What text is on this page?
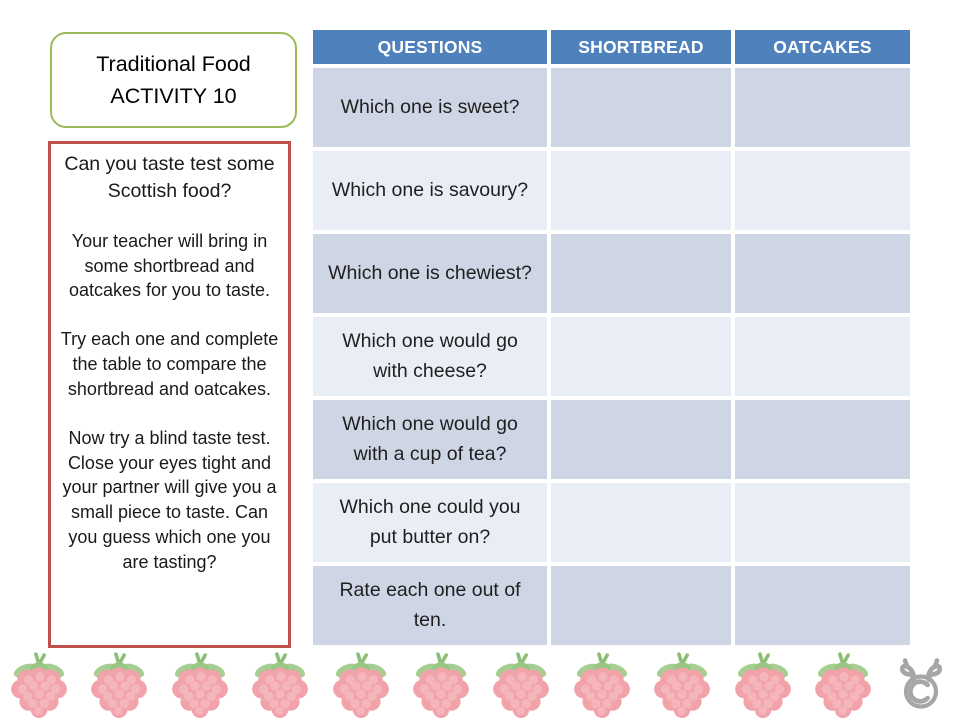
Traditional Food
ACTIVITY 10
Can you taste test some Scottish food?

Your teacher will bring in some shortbread and oatcakes for you to taste.

Try each one and complete the table to compare the shortbread and oatcakes.

Now try a blind taste test. Close your eyes tight and your partner will give you a small piece to taste. Can you guess which one you are tasting?

QUESTIONS	SHORTBREAD	OATCAKES
Which one is sweet?
Which one is savoury?
Which one is chewiest?
Which one would go with cheese?
Which one would go with a cup of tea?
Which one could you put butter on?
Rate each one out of ten.
